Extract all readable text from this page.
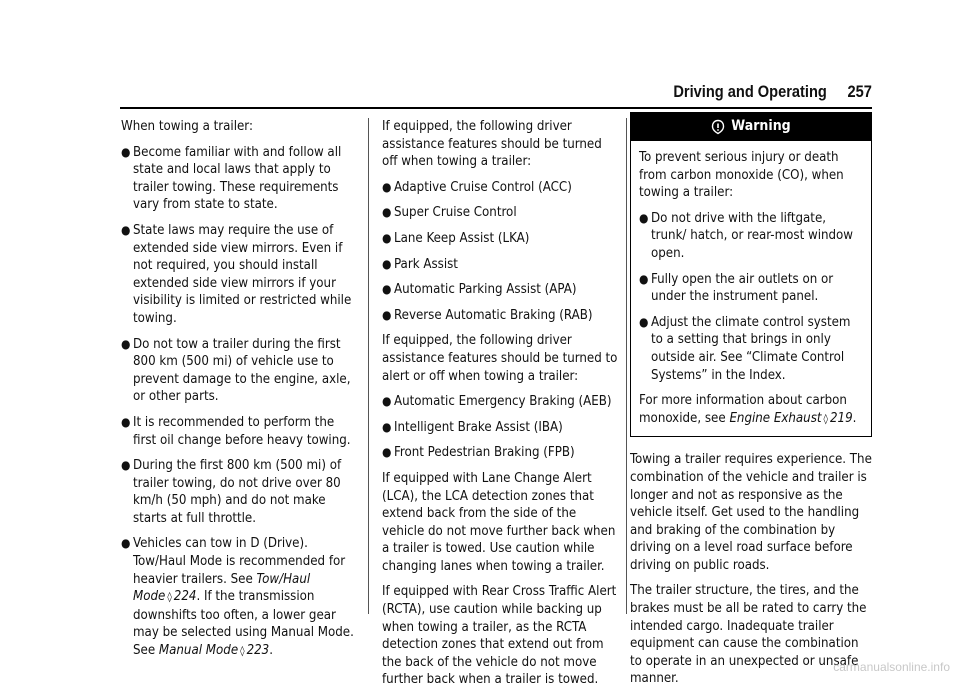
Driving and Operating 257

When towing a trailer:

● Become familiar with and follow all state and local laws that apply to trailer towing. These requirements vary from state to state.
● State laws may require the use of extended side view mirrors. Even if not required, you should install extended side view mirrors if your visibility is limited or restricted while towing.
● Do not tow a trailer during the first 800 km (500 mi) of vehicle use to prevent damage to the engine, axle, or other parts.
● It is recommended to perform the first oil change before heavy towing.
● During the first 800 km (500 mi) of trailer towing, do not drive over 80 km/h (50 mph) and do not make starts at full throttle.
● Vehicles can tow in D (Drive). Tow/Haul Mode is recommended for heavier trailers. See Tow/Haul Mode ◊ 224. If the transmission downshifts too often, a lower gear may be selected using Manual Mode. See Manual Mode ◊ 223.

If equipped, the following driver assistance features should be turned off when towing a trailer:

● Adaptive Cruise Control (ACC)
● Super Cruise Control
● Lane Keep Assist (LKA)
● Park Assist
● Automatic Parking Assist (APA)
● Reverse Automatic Braking (RAB)

If equipped, the following driver assistance features should be turned to alert or off when towing a trailer:

● Automatic Emergency Braking (AEB)
● Intelligent Brake Assist (IBA)
● Front Pedestrian Braking (FPB)

If equipped with Lane Change Alert (LCA), the LCA detection zones that extend back from the side of the vehicle do not move further back when a trailer is towed. Use caution while changing lanes when towing a trailer.

If equipped with Rear Cross Traffic Alert (RCTA), use caution while backing up when towing a trailer, as the RCTA detection zones that extend out from the back of the vehicle do not move further back when a trailer is towed.

Warning

To prevent serious injury or death from carbon monoxide (CO), when towing a trailer:

● Do not drive with the liftgate, trunk/ hatch, or rear-most window open.
● Fully open the air outlets on or under the instrument panel.
● Adjust the climate control system to a setting that brings in only outside air. See “Climate Control Systems” in the Index.

For more information about carbon monoxide, see Engine Exhaust ◊ 219.

Towing a trailer requires experience. The combination of the vehicle and trailer is longer and not as responsive as the vehicle itself. Get used to the handling and braking of the combination by driving on a level road surface before driving on public roads.

The trailer structure, the tires, and the brakes must be all be rated to carry the intended cargo. Inadequate trailer equipment can cause the combination to operate in an unexpected or unsafe manner.

carmanualsonline.info
